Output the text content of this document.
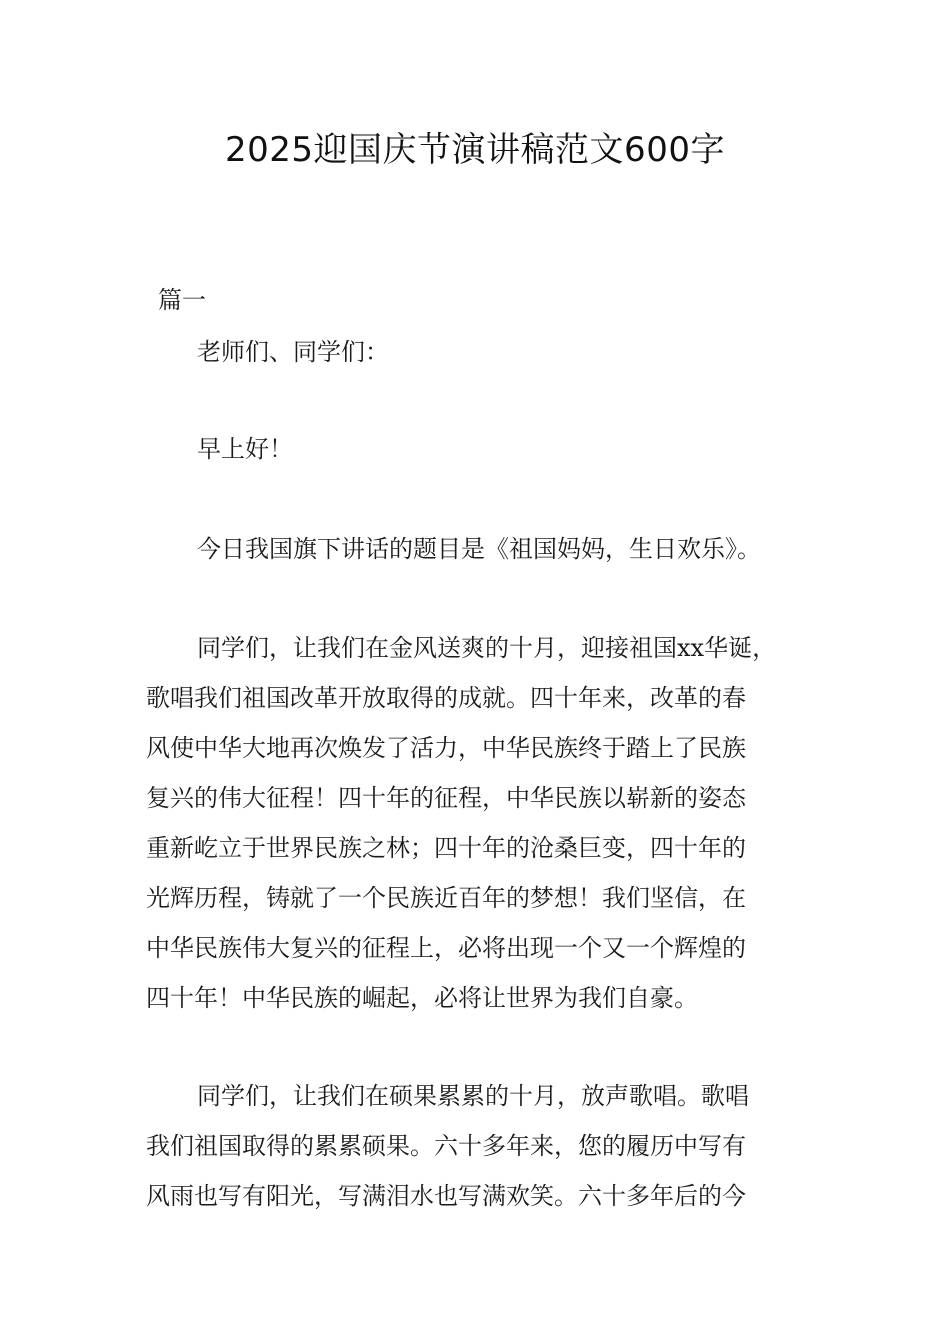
2025迎国庆节演讲稿范文600字
篇一
老师们、同学们：
早上好！
今日我国旗下讲话的题目是《祖国妈妈，生日欢乐》。
同学们，让我们在金风送爽的十月，迎接祖国xx华诞，
歌唱我们祖国改革开放取得的成就。四十年来，改革的春
风使中华大地再次焕发了活力，中华民族终于踏上了民族
复兴的伟大征程！四十年的征程，中华民族以崭新的姿态
重新屹立于世界民族之林；四十年的沧桑巨变，四十年的
光辉历程，铸就了一个民族近百年的梦想！我们坚信，在
中华民族伟大复兴的征程上，必将出现一个又一个辉煌的
四十年！中华民族的崛起，必将让世界为我们自豪。
同学们，让我们在硕果累累的十月，放声歌唱。歌唱
我们祖国取得的累累硕果。六十多年来，您的履历中写有
风雨也写有阳光，写满泪水也写满欢笑。六十多年后的今
